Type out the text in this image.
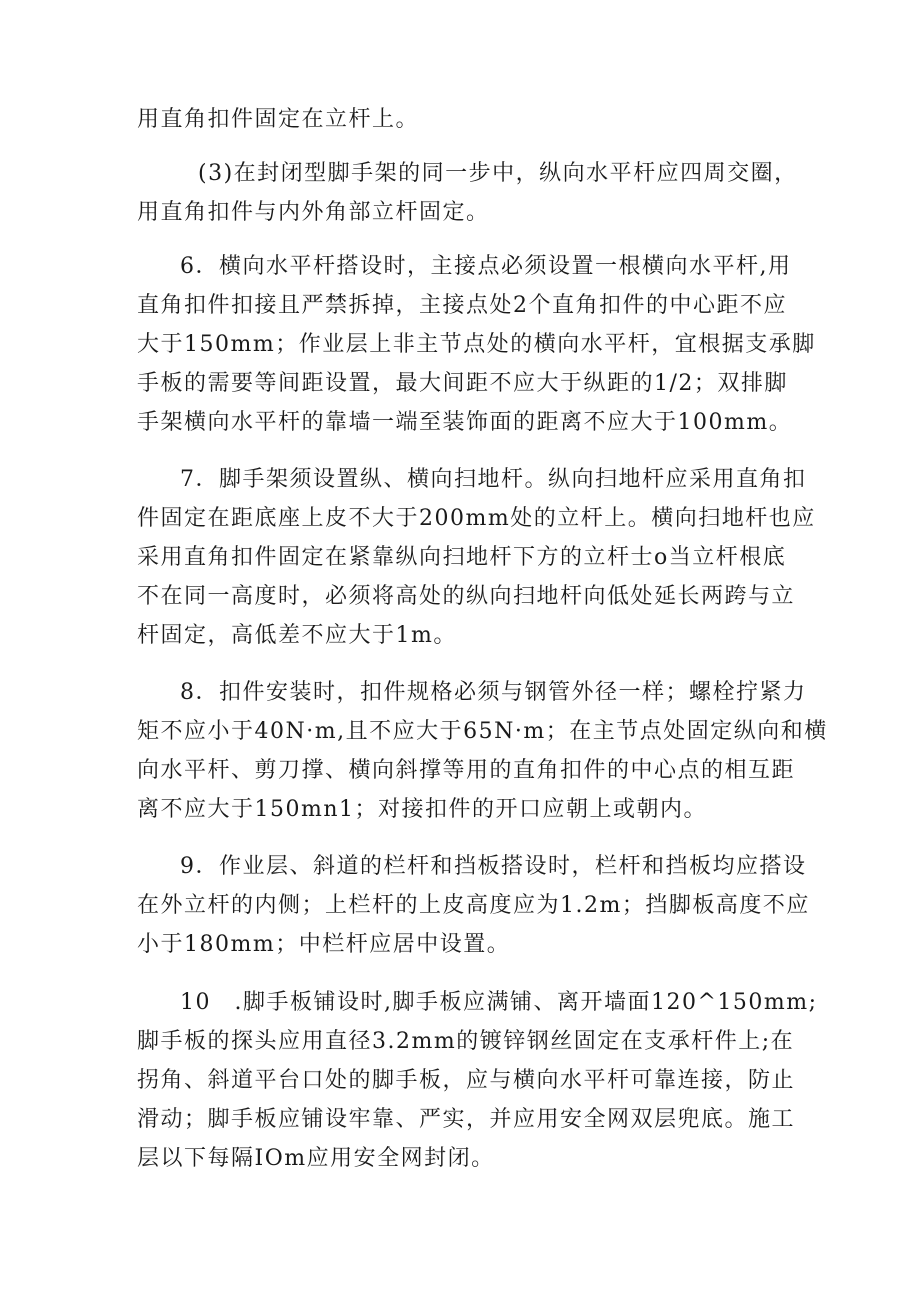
用直角扣件固定在立杆上。
(3)在封闭型脚手架的同一步中，纵向水平杆应四周交圈，
用直角扣件与内外角部立杆固定。
6．横向水平杆搭设时，主接点必须设置一根横向水平杆,用
直角扣件扣接且严禁拆掉，主接点处2个直角扣件的中心距不应
大于150mm；作业层上非主节点处的横向水平杆，宜根据支承脚
手板的需要等间距设置，最大间距不应大于纵距的1/2；双排脚
手架横向水平杆的靠墙一端至装饰面的距离不应大于100mm。
7．脚手架须设置纵、横向扫地杆。纵向扫地杆应采用直角扣
件固定在距底座上皮不大于200mm处的立杆上。横向扫地杆也应
采用直角扣件固定在紧靠纵向扫地杆下方的立杆士o当立杆根底
不在同一高度时，必须将高处的纵向扫地杆向低处延长两跨与立
杆固定，高低差不应大于1m。
8．扣件安装时，扣件规格必须与钢管外径一样；螺栓拧紧力
矩不应小于40N·m,且不应大于65N·m；在主节点处固定纵向和横
向水平杆、剪刀撑、横向斜撑等用的直角扣件的中心点的相互距
离不应大于150mn1；对接扣件的开口应朝上或朝内。
9．作业层、斜道的栏杆和挡板搭设时，栏杆和挡板均应搭设
在外立杆的内侧；上栏杆的上皮高度应为1.2m；挡脚板高度不应
小于180mm；中栏杆应居中设置。
10　.脚手板铺设时,脚手板应满铺、离开墙面120^150mm;
脚手板的探头应用直径3.2mm的镀锌钢丝固定在支承杆件上;在
拐角、斜道平台口处的脚手板，应与横向水平杆可靠连接，防止
滑动；脚手板应铺设牢靠、严实，并应用安全网双层兜底。施工
层以下每隔IOm应用安全网封闭。
